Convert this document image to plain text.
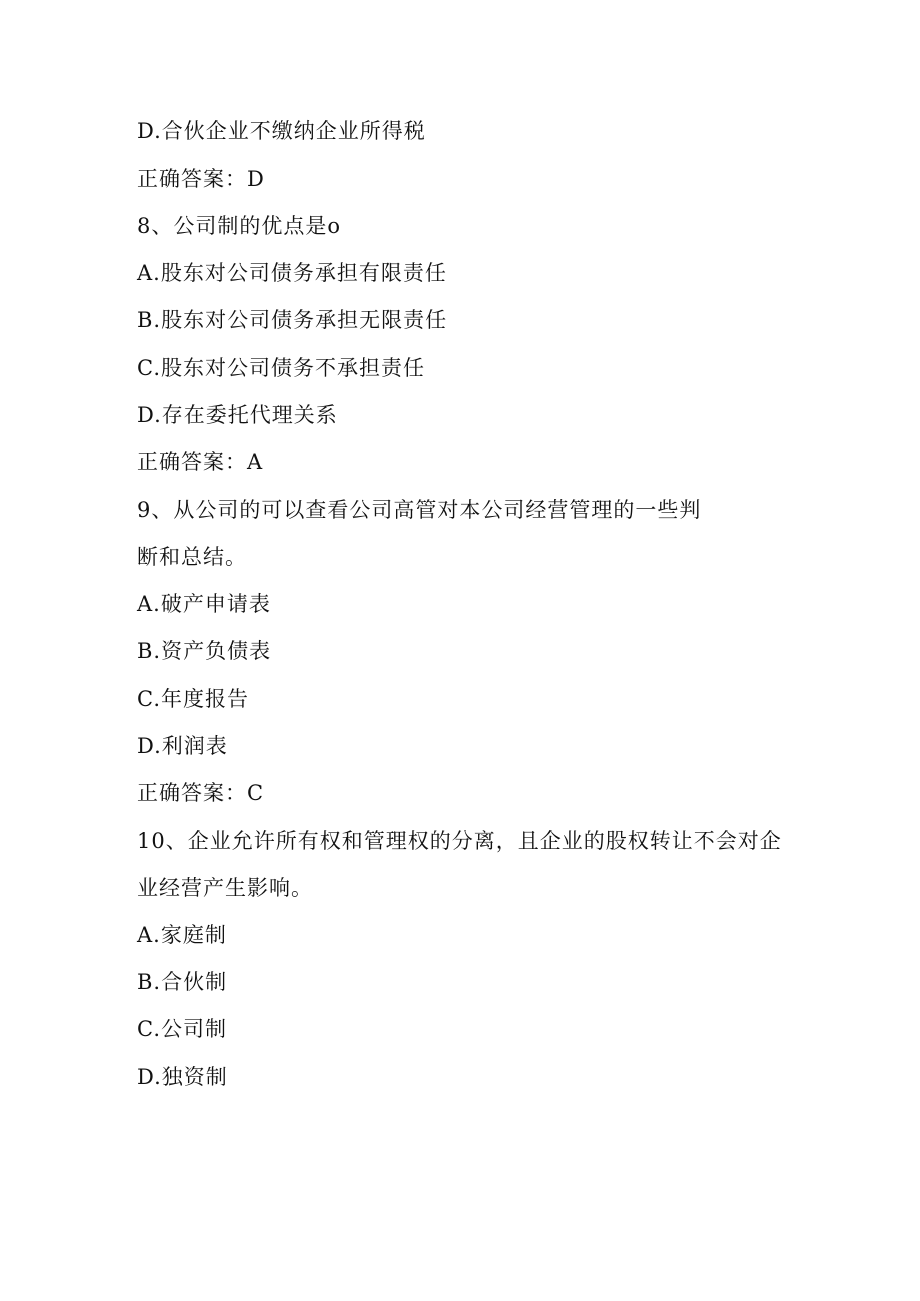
D.合伙企业不缴纳企业所得税
正确答案：D
8、公司制的优点是o
A.股东对公司债务承担有限责任
B.股东对公司债务承担无限责任
C.股东对公司债务不承担责任
D.存在委托代理关系
正确答案：A
9、从公司的可以查看公司高管对本公司经营管理的一些判
断和总结。
A.破产申请表
B.资产负债表
C.年度报告
D.利润表
正确答案：C
10、企业允许所有权和管理权的分离，且企业的股权转让不会对企
业经营产生影响。
A.家庭制
B.合伙制
C.公司制
D.独资制
